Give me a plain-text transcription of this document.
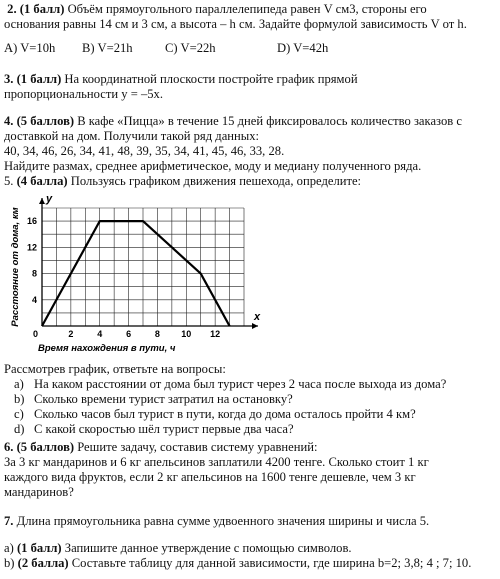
2. (1 балл) Объём прямоугольного параллелепипеда равен V см3, стороны его
основания равны 14 см и 3 см, а высота – h см. Задайте формулой зависимость V от h.
A) V=10h	B) V=21h	C) V=22h	D) V=42h
3. (1 балл) На координатной плоскости постройте график прямой
пропорциональности y = –5x.
4. (5 баллов) В кафе «Пицца» в течение 15 дней фиксировалось количество заказов с
доставкой на дом. Получили такой ряд данных:
40, 34, 46, 26, 34, 41, 48, 39, 35, 34, 41, 45, 46, 33, 28.
Найдите размах, среднее арифметическое, моду и медиану полученного ряда.
5. (4 балла) Пользуясь графиком движения пешехода, определите:
x
y
0	2	4	6	8 10 12
4
8
12
16
Время нахождения в пути, ч
Расстояние от дома, км
Рассмотрев график, ответьте на вопросы:
a) На каком расстоянии от дома был турист через 2 часа после выхода из дома?
b) Сколько времени турист затратил на остановку?
c) Сколько часов был турист в пути, когда до дома осталось пройти 4 км?
d) С какой скоростью шёл турист первые два часа?
6. (5 баллов) Решите задачу, составив систему уравнений:
За 3 кг мандаринов и 6 кг апельсинов заплатили 4200 тенге. Сколько стоит 1 кг
каждого вида фруктов, если 2 кг апельсинов на 1600 тенге дешевле, чем 3 кг
мандаринов?
7. Длина прямоугольника равна сумме удвоенного значения ширины и числа 5.
a) (1 балл) Запишите данное утверждение с помощью символов.
b) (2 балла) Составьте таблицу для данной зависимости, где ширина b=2; 3,8; 4 ; 7; 10.
